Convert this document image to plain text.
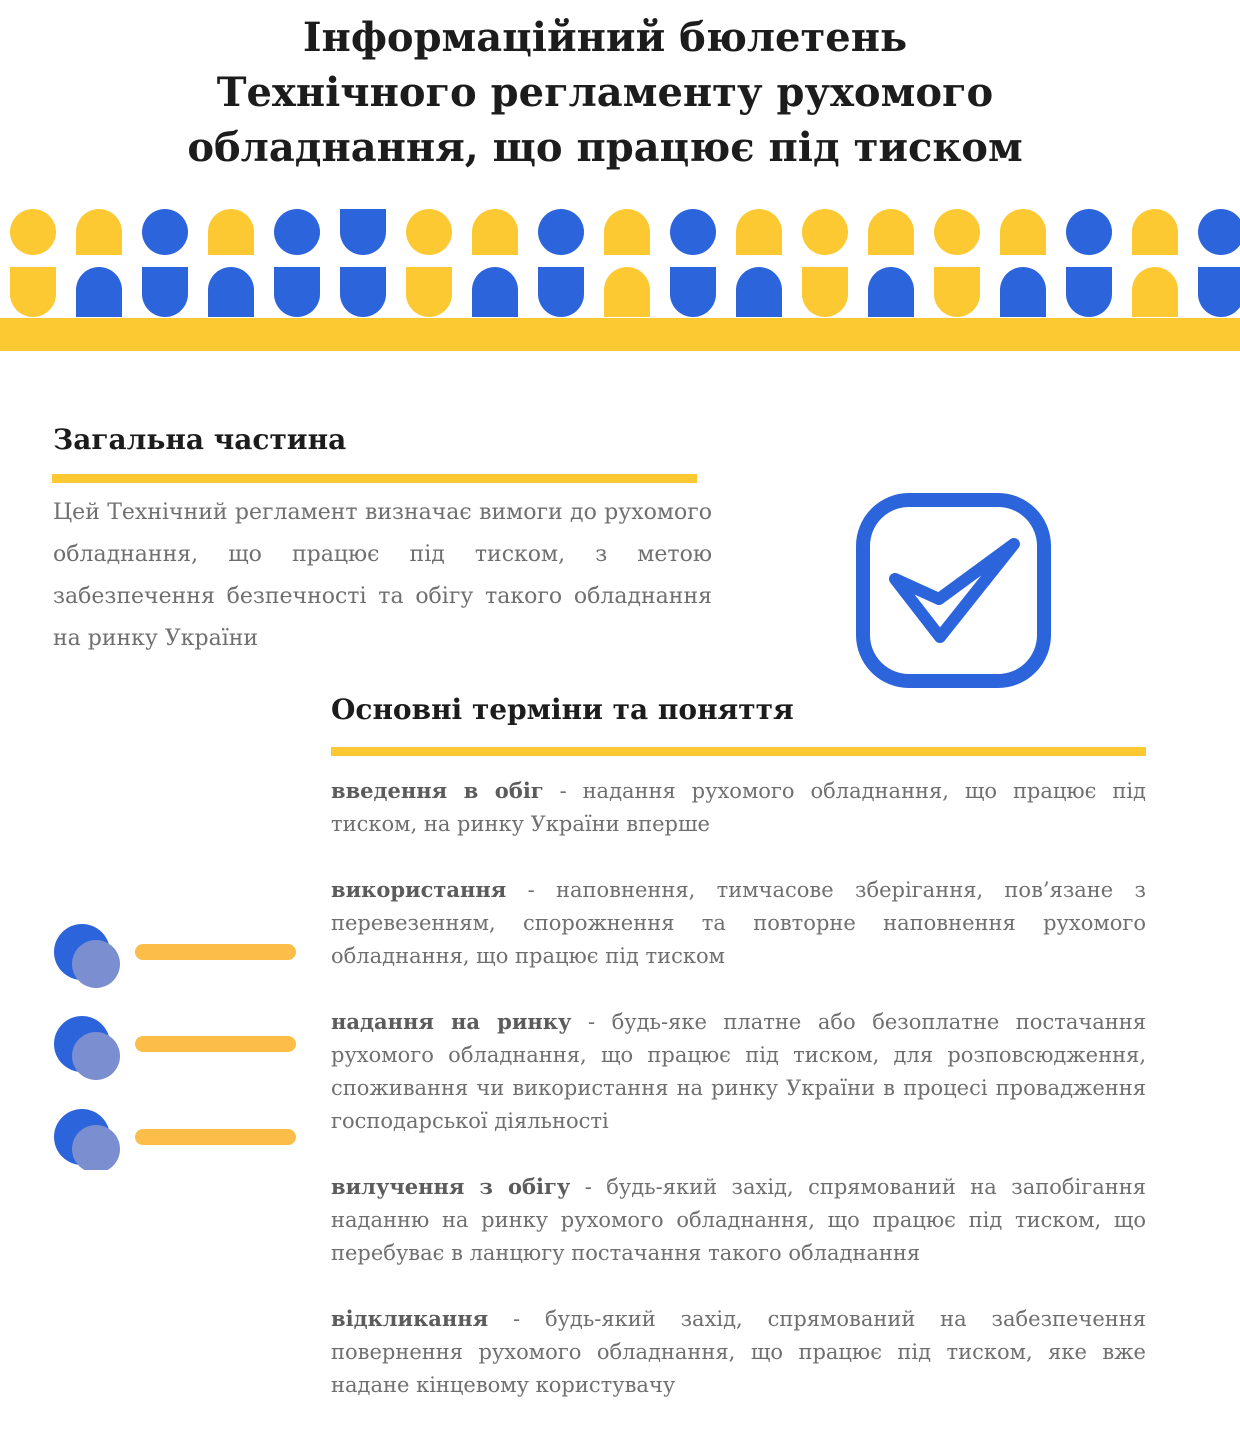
Інформаційний бюлетень
Технічного регламенту рухомого
обладнання, що працює під тиском
Загальна частина

Цей Технічний регламент визначає вимоги до рухомого обладнання, що працює під тиском, з метою забезпечення безпечності та обігу такого обладнання на ринку України

Основні терміни та поняття
введення в обіг - надання рухомого обладнання, що працює під тиском, на ринку України вперше
використання - наповнення, тимчасове зберігання, пов’язане з перевезенням, спорожнення та повторне наповнення рухомого обладнання, що працює під тиском
надання на ринку - будь-яке платне або безоплатне постачання рухомого обладнання, що працює під тиском, для розповсюдження, споживання чи використання на ринку України в процесі провадження господарської діяльності
вилучення з обігу - будь-який захід, спрямований на запобігання наданню на ринку рухомого обладнання, що працює під тиском, що перебуває в ланцюгу постачання такого обладнання
відкликання - будь-який захід, спрямований на забезпечення повернення рухомого обладнання, що працює під тиском, яке вже надане кінцевому користувачу
